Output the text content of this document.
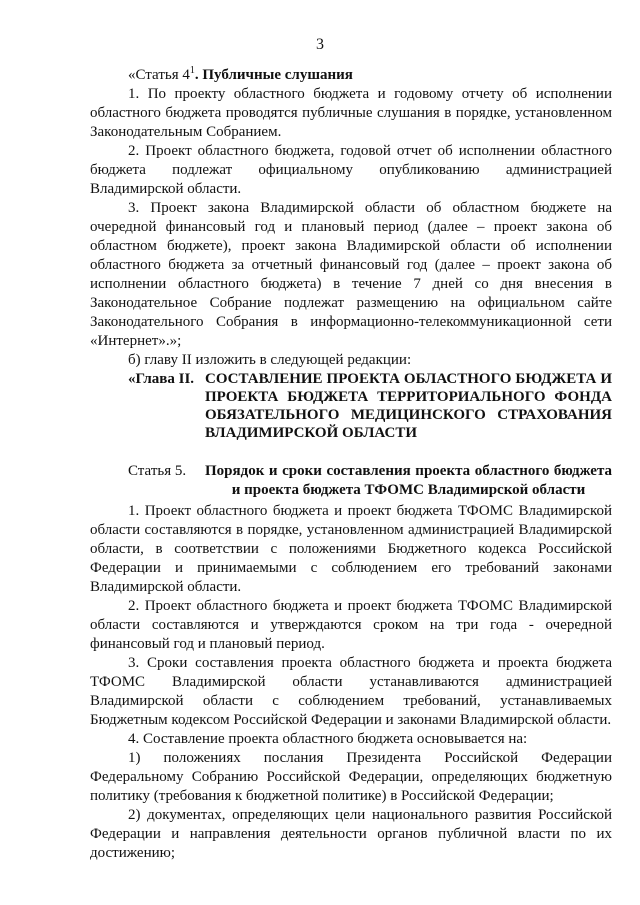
3

«Статья $4^1$. Публичные слушания

1. По проекту областного бюджета и годовому отчету об исполнении областного бюджета проводятся публичные слушания в порядке, установленном Законодательным Собранием.

2. Проект областного бюджета, годовой отчет об исполнении областного бюджета подлежат официальному опубликованию администрацией Владимирской области.

3. Проект закона Владимирской области об областном бюджете на очередной финансовый год и плановый период (далее – проект закона об областном бюджете), проект закона Владимирской области об исполнении областного бюджета за отчетный финансовый год (далее – проект закона об исполнении областного бюджета) в течение 7 дней со дня внесения в Законодательное Собрание подлежат размещению на официальном сайте Законодательного Собрания в информационно-телекоммуникационной сети «Интернет».»;

б) главу II изложить в следующей редакции:

«Глава II. СОСТАВЛЕНИЕ ПРОЕКТА ОБЛАСТНОГО БЮДЖЕТА И ПРОЕКТА БЮДЖЕТА ТЕРРИТОРИАЛЬНОГО ФОНДА ОБЯЗАТЕЛЬНОГО МЕДИЦИНСКОГО СТРАХОВАНИЯ ВЛАДИМИРСКОЙ ОБЛАСТИ
Статья 5.	Порядок и сроки составления проекта областного бюджета и проекта бюджета ТФОМС Владимирской области

1. Проект областного бюджета и проект бюджета ТФОМС Владимирской области составляются в порядке, установленном администрацией Владимирской области, в соответствии с положениями Бюджетного кодекса Российской Федерации и принимаемыми с соблюдением его требований законами Владимирской области.

2. Проект областного бюджета и проект бюджета ТФОМС Владимирской области составляются и утверждаются сроком на три года - очередной финансовый год и плановый период.

3. Сроки составления проекта областного бюджета и проекта бюджета ТФОМС Владимирской области устанавливаются администрацией Владимирской области с соблюдением требований, устанавливаемых Бюджетным кодексом Российской Федерации и законами Владимирской области.

4. Составление проекта областного бюджета основывается на:

1) положениях послания Президента Российской Федерации Федеральному Собранию Российской Федерации, определяющих бюджетную политику (требования к бюджетной политике) в Российской Федерации;

2) документах, определяющих цели национального развития Российской Федерации и направления деятельности органов публичной власти по их достижению;
